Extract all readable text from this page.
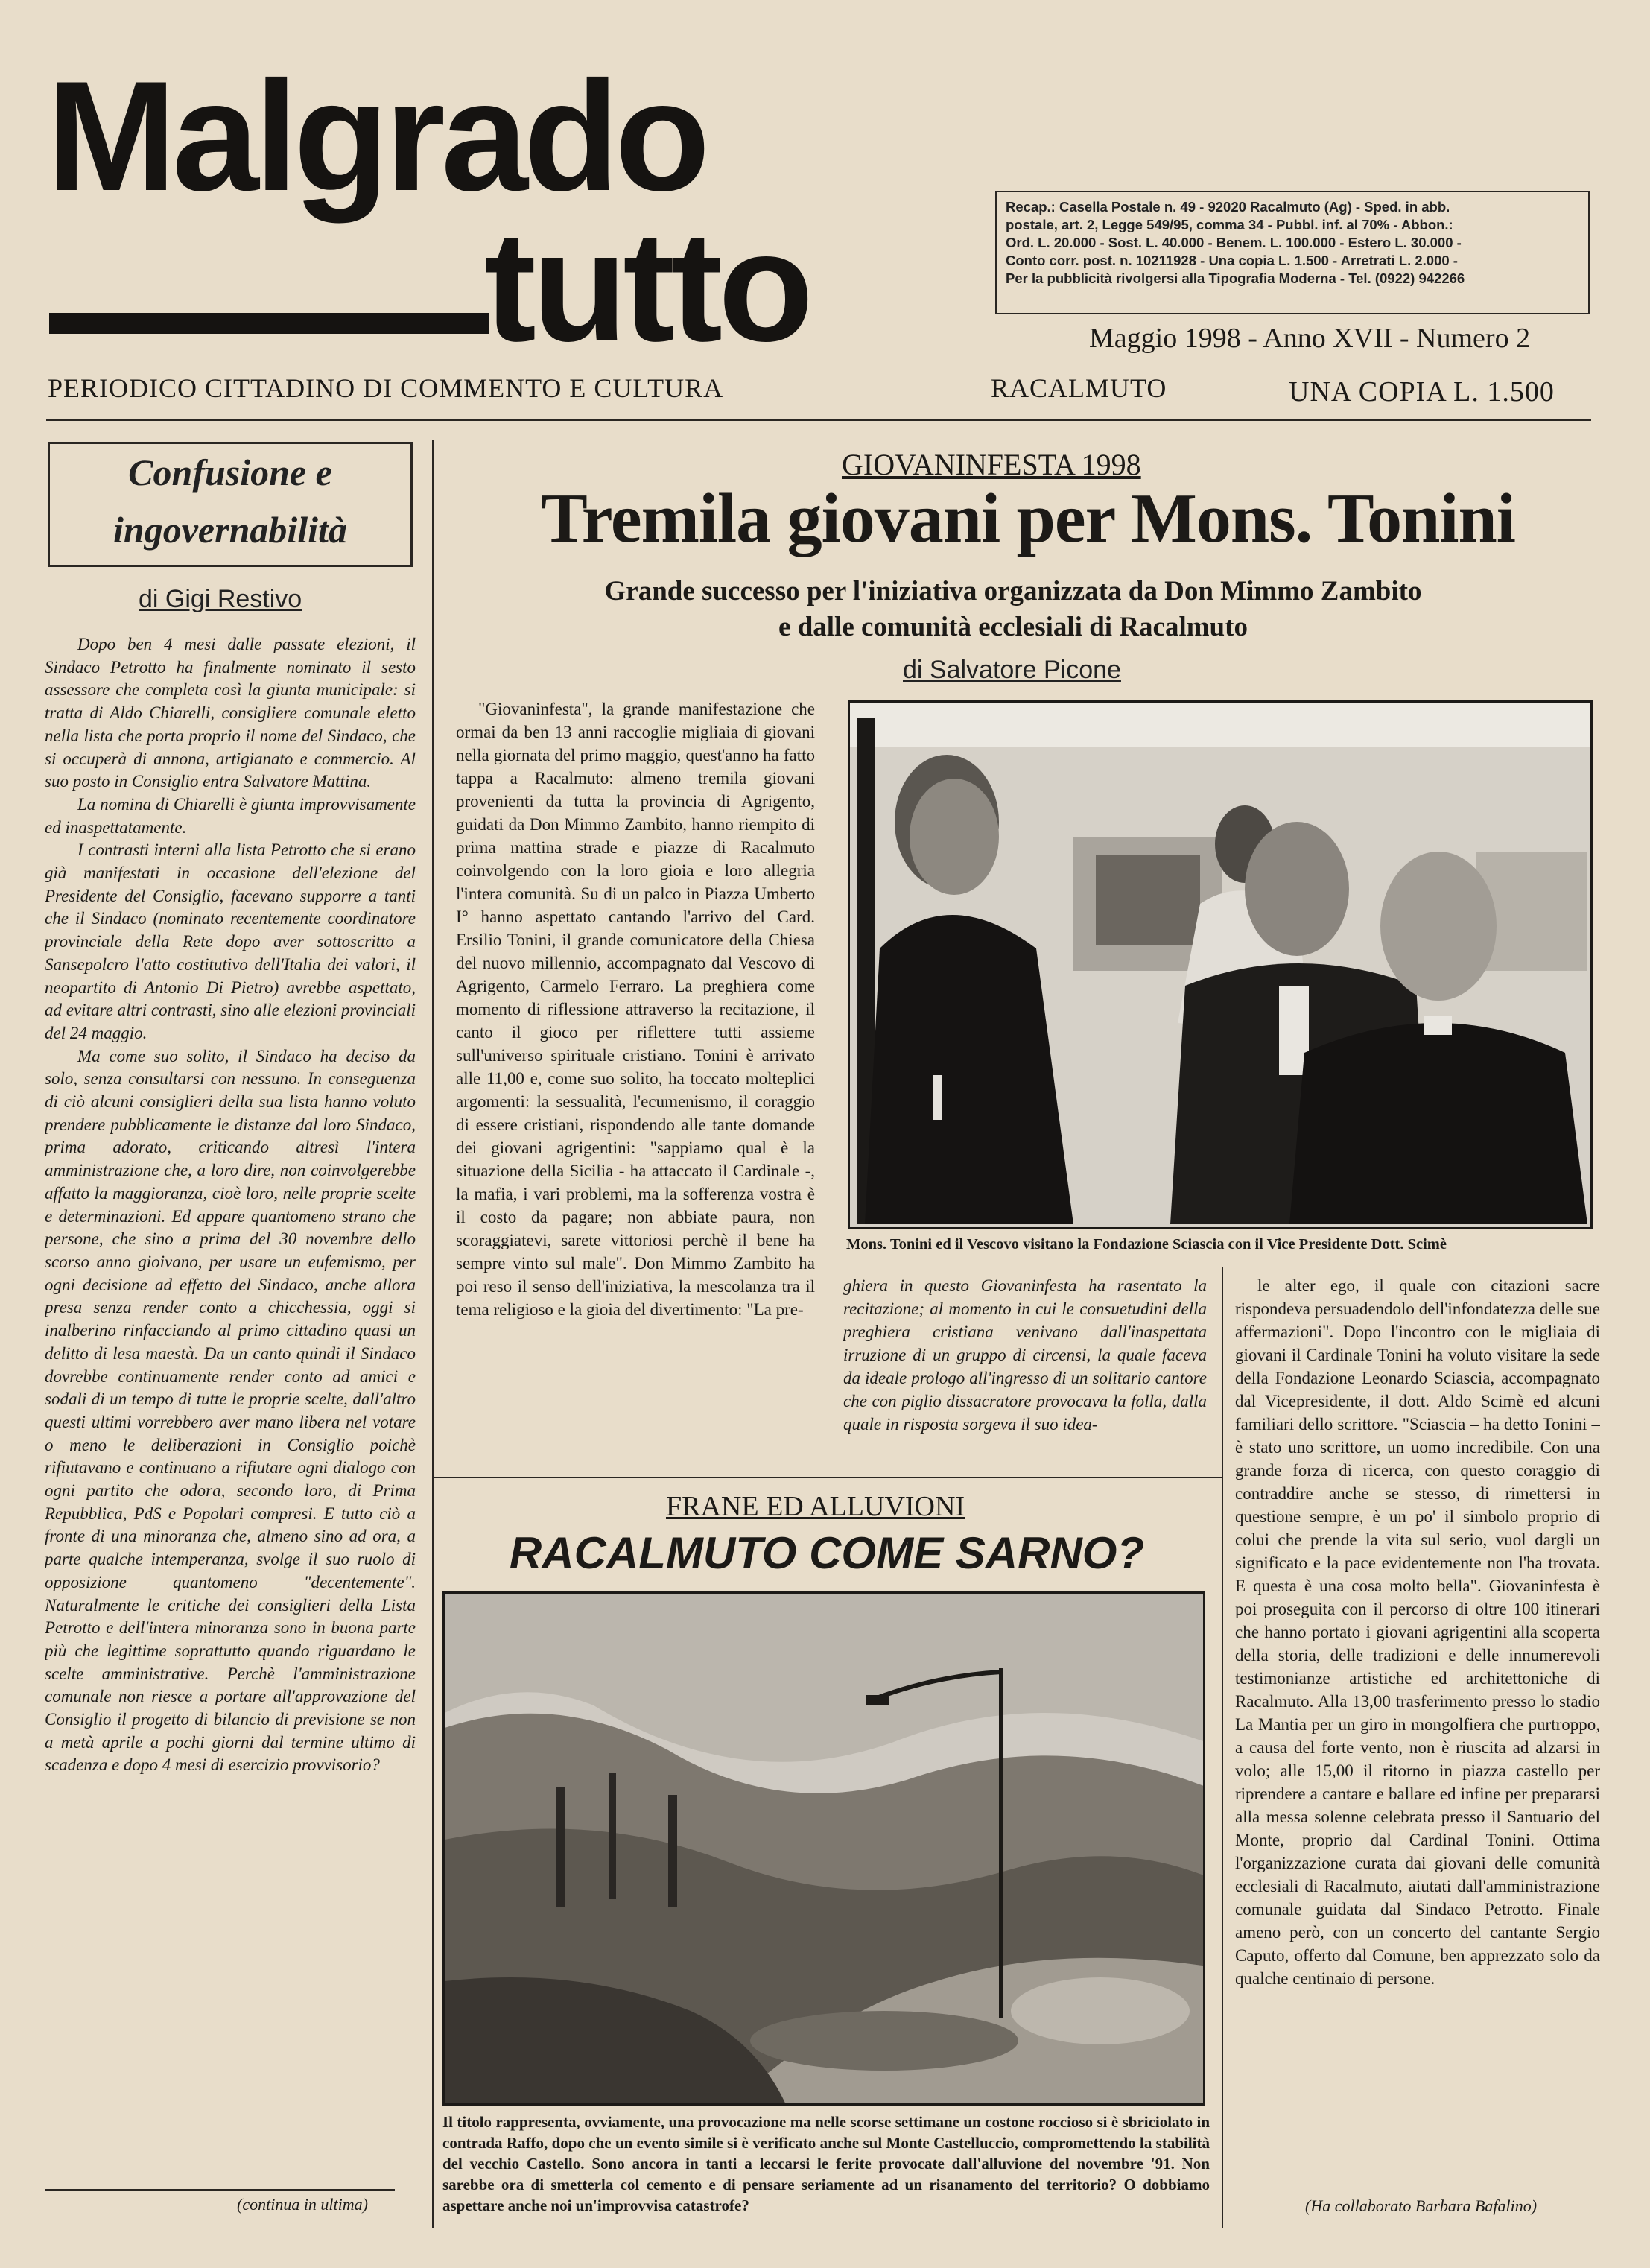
Malgrado
tutto	Recap.: Casella Postale n. 49 - 92020 Racalmuto (Ag) - Sped. in abb.
postale, art. 2, Legge 549/95, comma 34 - Pubbl. inf. al 70% - Abbon.:
Ord. L. 20.000 - Sost. L. 40.000 - Benem. L. 100.000 - Estero L. 30.000 -
Conto corr. post. n. 10211928 - Una copia L. 1.500 - Arretrati L. 2.000 -
Per la pubblicità rivolgersi alla Tipografia Moderna - Tel. (0922) 942266
Maggio 1998 - Anno XVII - Numero 2
PERIODICO CITTADINO DI COMMENTO E CULTURA	RACALMUTO	UNA COPIA L. 1.500
Confusione e
ingovernabilità
di Gigi Restivo

Dopo ben 4 mesi dalle passate elezioni, il Sindaco Petrotto ha finalmente nominato il sesto assessore che completa così la giunta municipale: si tratta di Aldo Chiarelli, consigliere comunale eletto nella lista che porta proprio il nome del Sindaco, che si occuperà di annona, artigianato e commercio. Al suo posto in Consiglio entra Salvatore Mattina.

La nomina di Chiarelli è giunta improvvisamente ed inaspettatamente.

I contrasti interni alla lista Petrotto che si erano già manifestati in occasione dell'elezione del Presidente del Consiglio, facevano supporre a tanti che il Sindaco (nominato recentemente coordinatore provinciale della Rete dopo aver sottoscritto a Sansepolcro l'atto costitutivo dell'Italia dei valori, il neopartito di Antonio Di Pietro) avrebbe aspettato, ad evitare altri contrasti, sino alle elezioni provinciali del 24 maggio.

Ma come suo solito, il Sindaco ha deciso da solo, senza consultarsi con nessuno. In conseguenza di ciò alcuni consiglieri della sua lista hanno voluto prendere pubblicamente le distanze dal loro Sindaco, prima adorato, criticando altresì l'intera amministrazione che, a loro dire, non coinvolgerebbe affatto la maggioranza, cioè loro, nelle proprie scelte e determinazioni. Ed appare quantomeno strano che persone, che sino a prima del 30 novembre dello scorso anno gioivano, per usare un eufemismo, per ogni decisione ad effetto del Sindaco, anche allora presa senza render conto a chicchessia, oggi si inalberino rinfacciando al primo cittadino quasi un delitto di lesa maestà. Da un canto quindi il Sindaco dovrebbe continuamente render conto ad amici e sodali di un tempo di tutte le proprie scelte, dall'altro questi ultimi vorrebbero aver mano libera nel votare o meno le deliberazioni in Consiglio poichè rifiutavano e continuano a rifiutare ogni dialogo con ogni partito che odora, secondo loro, di Prima Repubblica, PdS e Popolari compresi. E tutto ciò a fronte di una minoranza che, almeno sino ad ora, a parte qualche intemperanza, svolge il suo ruolo di opposizione quantomeno "decentemente". Naturalmente le critiche dei consiglieri della Lista Petrotto e dell'intera minoranza sono in buona parte più che legittime soprattutto quando riguardano le scelte amministrative. Perchè l'amministrazione comunale non riesce a portare all'approvazione del Consiglio il progetto di bilancio di previsione se non a metà aprile a pochi giorni dal termine ultimo di scadenza e dopo 4 mesi di esercizio provvisorio?

(continua in ultima)
GIOVANINFESTA 1998
Tremila giovani per Mons. Tonini
Grande successo per l'iniziativa organizzata da Don Mimmo Zambito
e dalle comunità ecclesiali di Racalmuto
di Salvatore Picone
"Giovaninfesta", la grande manifestazione che ormai da ben 13 anni raccoglie migliaia di giovani nella giornata del primo maggio, quest'anno ha fatto tappa a Racalmuto: almeno tremila giovani provenienti da tutta la provincia di Agrigento, guidati da Don Mimmo Zambito, hanno riempito di prima mattina strade e piazze di Racalmuto coinvolgendo con la loro gioia e loro allegria l'intera comunità. Su di un palco in Piazza Umberto I° hanno aspettato cantando l'arrivo del Card. Ersilio Tonini, il grande comunicatore della Chiesa del nuovo millennio, accompagnato dal Vescovo di Agrigento, Carmelo Ferraro. La preghiera come momento di riflessione attraverso la recitazione, il canto il gioco per riflettere tutti assieme sull'universo spirituale cristiano. Tonini è arrivato alle 11,00 e, come suo solito, ha toccato molteplici argomenti: la sessualità, l'ecumenismo, il coraggio di essere cristiani, rispondendo alle tante domande dei giovani agrigentini: "sappiamo qual è la situazione della Sicilia - ha attaccato il Cardinale -, la mafia, i vari problemi, ma la sofferenza vostra è il costo da pagare; non abbiate paura, non scoraggiatevi, sarete vittoriosi perchè il bene ha sempre vinto sul male". Don Mimmo Zambito ha poi reso il senso dell'iniziativa, la mescolanza tra il tema religioso e la gioia del divertimento: "La pre-
Mons. Tonini ed il Vescovo visitano la Fondazione Sciascia con il Vice Presidente Dott. Scimè
ghiera in questo Giovaninfesta ha rasentato la recitazione; al momento in cui le consuetudini della preghiera cristiana venivano dall'inaspettata irruzione di un gruppo di circensi, la quale faceva da ideale prologo all'ingresso di un solitario cantore che con piglio dissacratore provocava la folla, dalla quale in risposta sorgeva il suo idea-
le alter ego, il quale con citazioni sacre rispondeva persuadendolo dell'infondatezza delle sue affermazioni". Dopo l'incontro con le migliaia di giovani il Cardinale Tonini ha voluto visitare la sede della Fondazione Leonardo Sciascia, accompagnato dal Vicepresidente, il dott. Aldo Scimè ed alcuni familiari dello scrittore. "Sciascia – ha detto Tonini – è stato uno scrittore, un uomo incredibile. Con una grande forza di ricerca, con questo coraggio di contraddire anche se stesso, di rimettersi in questione sempre, è un po' il simbolo proprio di colui che prende la vita sul serio, vuol dargli un significato e la pace evidentemente non l'ha trovata. E questa è una cosa molto bella". Giovaninfesta è poi proseguita con il percorso di oltre 100 itinerari che hanno portato i giovani agrigentini alla scoperta della storia, delle tradizioni e delle innumerevoli testimonianze artistiche ed architettoniche di Racalmuto. Alla 13,00 trasferimento presso lo stadio La Mantia per un giro in mongolfiera che purtroppo, a causa del forte vento, non è riuscita ad alzarsi in volo; alle 15,00 il ritorno in piazza castello per riprendere a cantare e ballare ed infine per prepararsi alla messa solenne celebrata presso il Santuario del Monte, proprio dal Cardinal Tonini. Ottima l'organizzazione curata dai giovani delle comunità ecclesiali di Racalmuto, aiutati dall'amministrazione comunale guidata dal Sindaco Petrotto. Finale ameno però, con un concerto del cantante Sergio Caputo, offerto dal Comune, ben apprezzato solo da qualche centinaio di persone.
(Ha collaborato Barbara Bafalino)
FRANE ED ALLUVIONI
RACALMUTO COME SARNO?
Il titolo rappresenta, ovviamente, una provocazione ma nelle scorse settimane un costone roccioso si è sbriciolato in contrada Raffo, dopo che un evento simile si è verificato anche sul Monte Castelluccio, compromettendo la stabilità del vecchio Castello. Sono ancora in tanti a leccarsi le ferite provocate dall'alluvione del novembre '91. Non sarebbe ora di smetterla col cemento e di pensare seriamente ad un risanamento del territorio? O dobbiamo aspettare anche noi un'improvvisa catastrofe?
